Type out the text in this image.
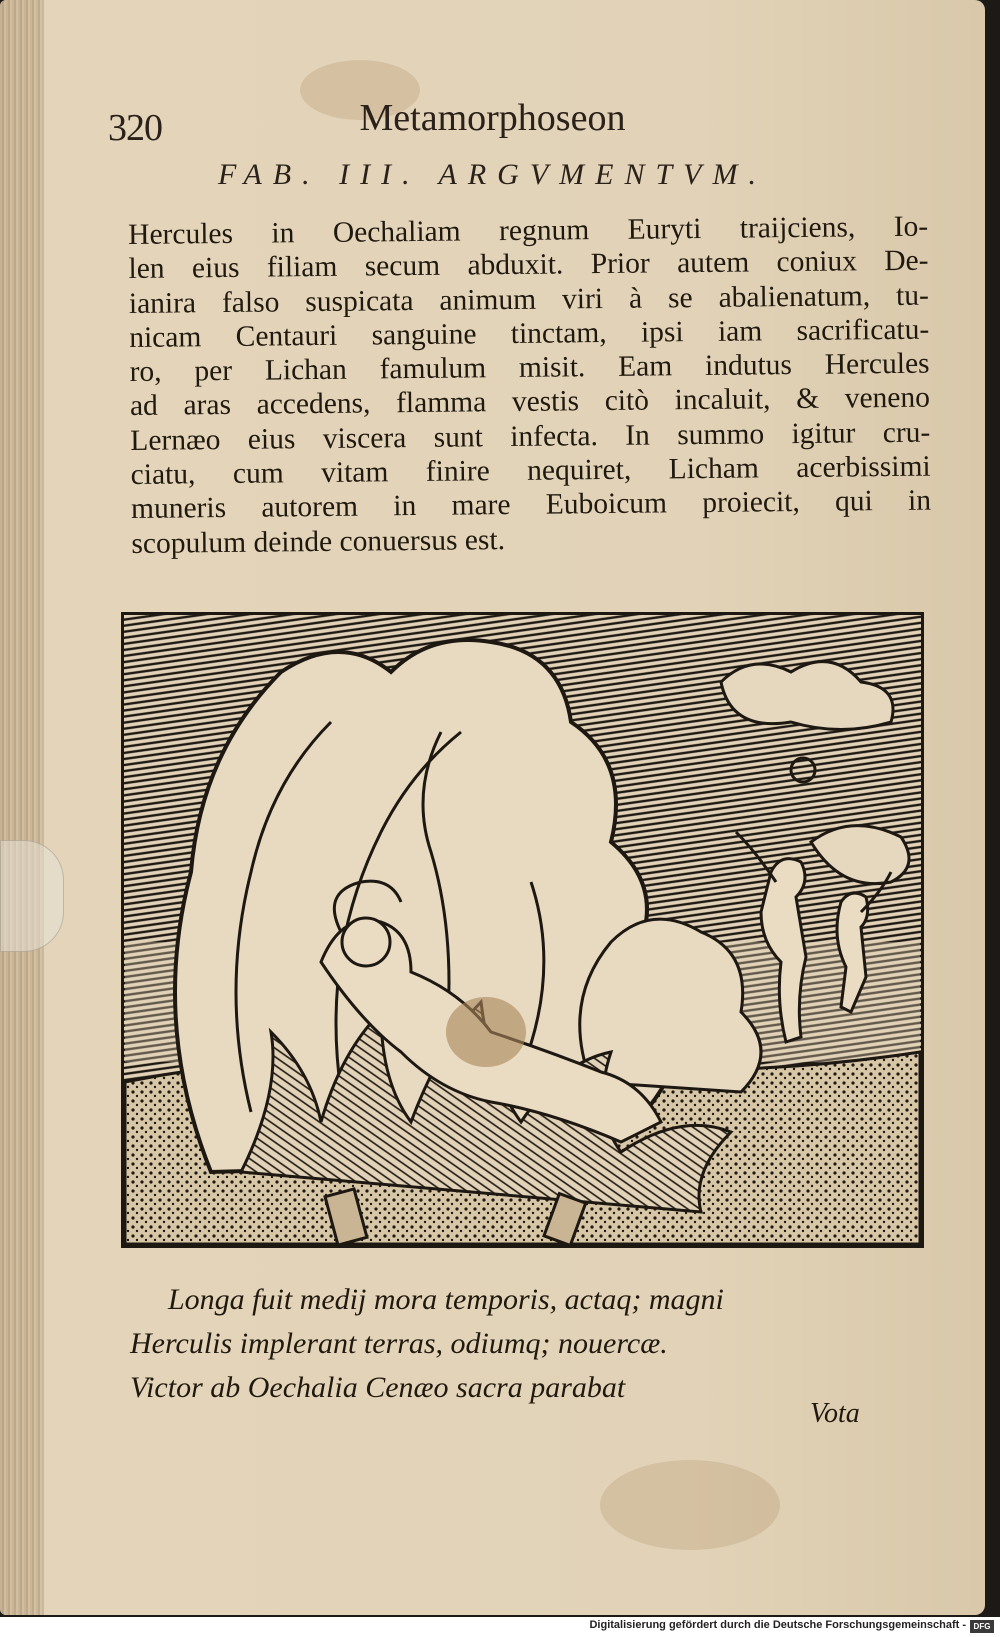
320	Metamorphoseon
FAB. III. ARGVMENTVM.
Hercules in Oechaliam regnum Euryti traijciens, Io-
len eius filiam secum abduxit. Prior autem coniux De-
ianira falso suspicata animum viri à se abalienatum, tu-
nicam Centauri sanguine tinctam, ipsi iam sacrificatu-
ro, per Lichan famulum misit. Eam indutus Hercules
ad aras accedens, flamma vestis citò incaluit, & veneno
Lernæo eius viscera sunt infecta. In summo igitur cru-
ciatu, cum vitam finire nequiret, Licham acerbissimi
muneris autorem in mare Euboicum proiecit, qui in
scopulum deinde conuersus est.
Longa fuit medij mora temporis, actaq; magni
Herculis implerant terras, odiumq; nouercæ.
Victor ab Oechalia Cenæo sacra parabat
Vota
Digitalisierung gefördert durch die Deutsche Forschungsgemeinschaft - DFG
